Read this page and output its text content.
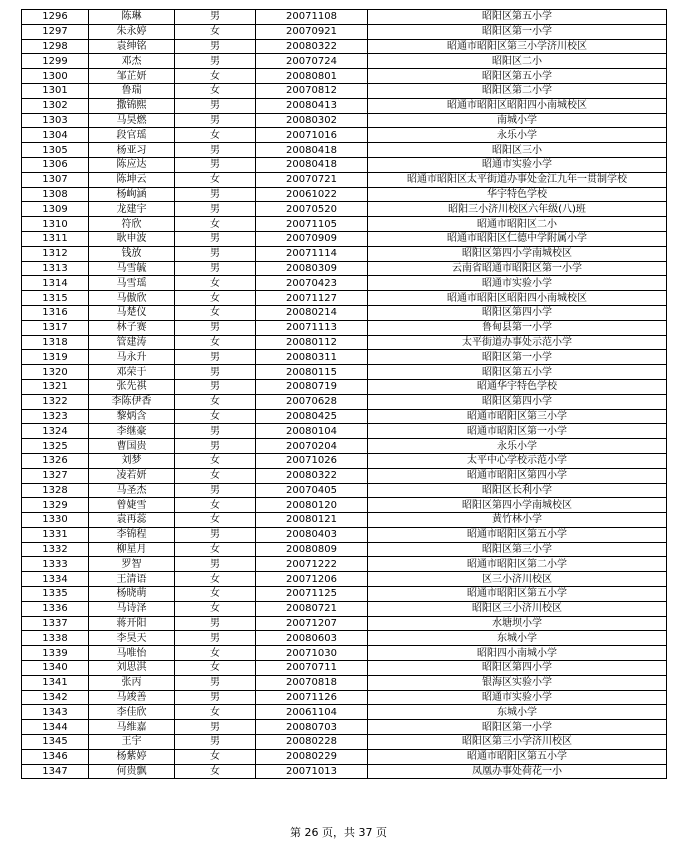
1296	陈琳	男	20071108	昭阳区第五小学
1297	朱永婷	女	20070921	昭阳区第一小学
1298	袁绅铭	男	20080322	昭通市昭阳区第三小学济川校区
1299	邓杰	男	20070724	昭阳区二小
1300	邹芷妍	女	20080801	昭阳区第五小学
1301	鲁瑞	女	20070812	昭阳区第二小学
1302	撒锦熙	男	20080413	昭通市昭阳区昭阳四小南城校区
1303	马昊燃	男	20080302	南城小学
1304	段官瑶	女	20071016	永乐小学
1305	杨亚习	男	20080418	昭阳区三小
1306	陈应达	男	20080418	昭通市实验小学
1307	陈坤云	女	20070721	昭通市昭阳区太平街道办事处金江九年一贯制学校
1308	杨峋涵	男	20061022	华宇特色学校
1309	龙建宇	男	20070520	昭阳三小济川校区六年级(八)班
1310	符欣	女	20071105	昭通市昭阳区二小
1311	耿申波	男	20070909	昭通市昭阳区仁德中学附属小学
1312	钱放	男	20071114	昭阳区第四小学南城校区
1313	马雪毓	男	20080309	云南省昭通市昭阳区第一小学
1314	马雪瑶	女	20070423	昭通市实验小学
1315	马傲欣	女	20071127	昭通市昭阳区昭阳四小南城校区
1316	马楚仪	女	20080214	昭阳区第四小学
1317	林子赛	男	20071113	鲁甸县第一小学
1318	管建涛	女	20080112	太平街道办事处示范小学
1319	马永升	男	20080311	昭阳区第一小学
1320	邓荣于	男	20080115	昭阳区第五小学
1321	张先祺	男	20080719	昭通华宇特色学校
1322	李陈伊香	女	20070628	昭阳区第四小学
1323	黎炳含	女	20080425	昭通市昭阳区第三小学
1324	李继豪	男	20080104	昭通市昭阳区第一小学
1325	曹国贵	男	20070204	永乐小学
1326	刘梦	女	20071026	太平中心学校示范小学
1327	凌若妍	女	20080322	昭通市昭阳区第四小学
1328	马圣杰	男	20070405	昭阳区长利小学
1329	曾婕雪	女	20080120	昭阳区第四小学南城校区
1330	袁再蕊	女	20080121	黄竹林小学
1331	李锦程	男	20080403	昭通市昭阳区第五小学
1332	柳星月	女	20080809	昭阳区第三小学
1333	罗智	男	20071222	昭通市昭阳区第二小学
1334	王清语	女	20071206	区三小济川校区
1335	杨晓萌	女	20071125	昭通市昭阳区第五小学
1336	马诗泽	女	20080721	昭阳区三小济川校区
1337	蒋开阳	男	20071207	水塘坝小学
1338	李昊天	男	20080603	东城小学
1339	马唯怡	女	20071030	昭阳四小南城小学
1340	刘思淇	女	20070711	昭阳区第四小学
1341	张丙	男	20070818	银海区实验小学
1342	马竣善	男	20071126	昭通市实验小学
1343	李佳欣	女	20061104	东城小学
1344	马维嘉	男	20080703	昭阳区第一小学
1345	王宇	男	20080228	昭阳区第三小学济川校区
1346	杨紫婷	女	20080229	昭通市昭阳区第五小学
1347	何贵飘	女	20071013	凤凰办事处荷花一小
第 26 页，共 37 页
